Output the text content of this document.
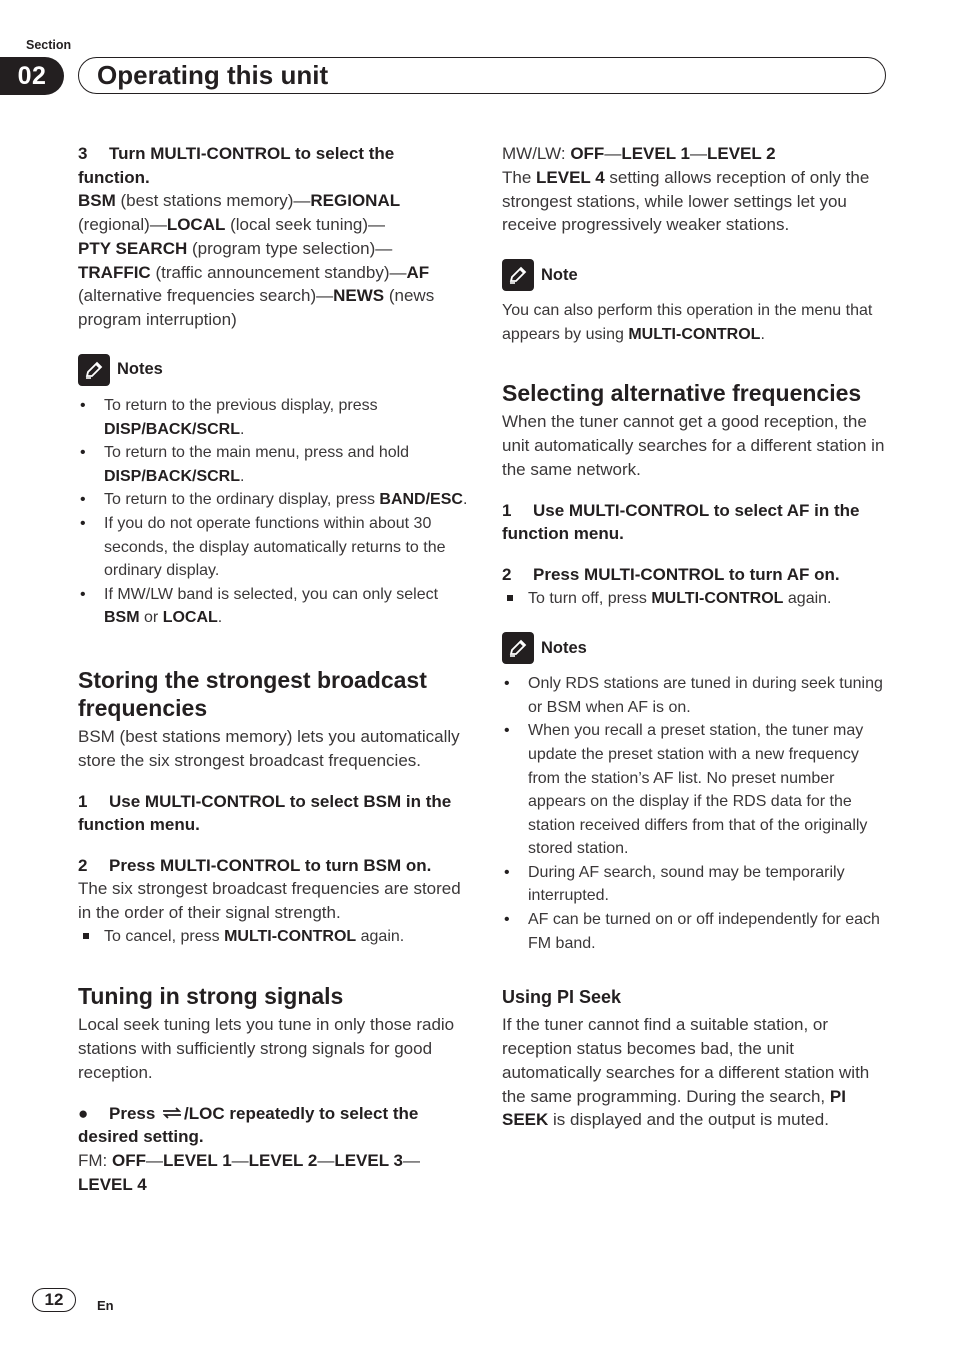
Section
02	Operating this unit

3 Turn MULTI-CONTROL to select the function.

BSM (best stations memory)—REGIONAL (regional)—LOCAL (local seek tuning)—
PTY SEARCH (program type selection)—
TRAFFIC (traffic announcement standby)—AF (alternative frequencies search)—NEWS (news program interruption)

Notes
• To return to the previous display, press DISP/BACK/SCRL.
• To return to the main menu, press and hold DISP/BACK/SCRL.
• To return to the ordinary display, press BAND/ESC.
• If you do not operate functions within about 30 seconds, the display automatically returns to the ordinary display.
• If MW/LW band is selected, you can only select BSM or LOCAL.
Storing the strongest broadcast frequencies

BSM (best stations memory) lets you automatically store the six strongest broadcast frequencies.

1 Use MULTI-CONTROL to select BSM in the function menu.

2 Press MULTI-CONTROL to turn BSM on.

The six strongest broadcast frequencies are stored in the order of their signal strength.

To cancel, press MULTI-CONTROL again.

Tuning in strong signals

Local seek tuning lets you tune in only those radio stations with sufficiently strong signals for good reception.

● Press /LOC repeatedly to select the desired setting.

FM: OFF—LEVEL 1—LEVEL 2—LEVEL 3—
LEVEL 4

MW/LW: OFF—LEVEL 1—LEVEL 2

The LEVEL 4 setting allows reception of only the strongest stations, while lower settings let you receive progressively weaker stations.

Note

You can also perform this operation in the menu that appears by using MULTI-CONTROL.

Selecting alternative frequencies

When the tuner cannot get a good reception, the unit automatically searches for a different station in the same network.

1 Use MULTI-CONTROL to select AF in the function menu.

2 Press MULTI-CONTROL to turn AF on.

To turn off, press MULTI-CONTROL again.

Notes
• Only RDS stations are tuned in during seek tuning or BSM when AF is on.
• When you recall a preset station, the tuner may update the preset station with a new frequency from the station’s AF list. No preset number appears on the display if the RDS data for the station received differs from that of the originally stored station.
• During AF search, sound may be temporarily interrupted.
• AF can be turned on or off independently for each FM band.
Using PI Seek

If the tuner cannot find a suitable station, or reception status becomes bad, the unit automatically searches for a different station with the same programming. During the search, PI SEEK is displayed and the output is muted.

12	En
